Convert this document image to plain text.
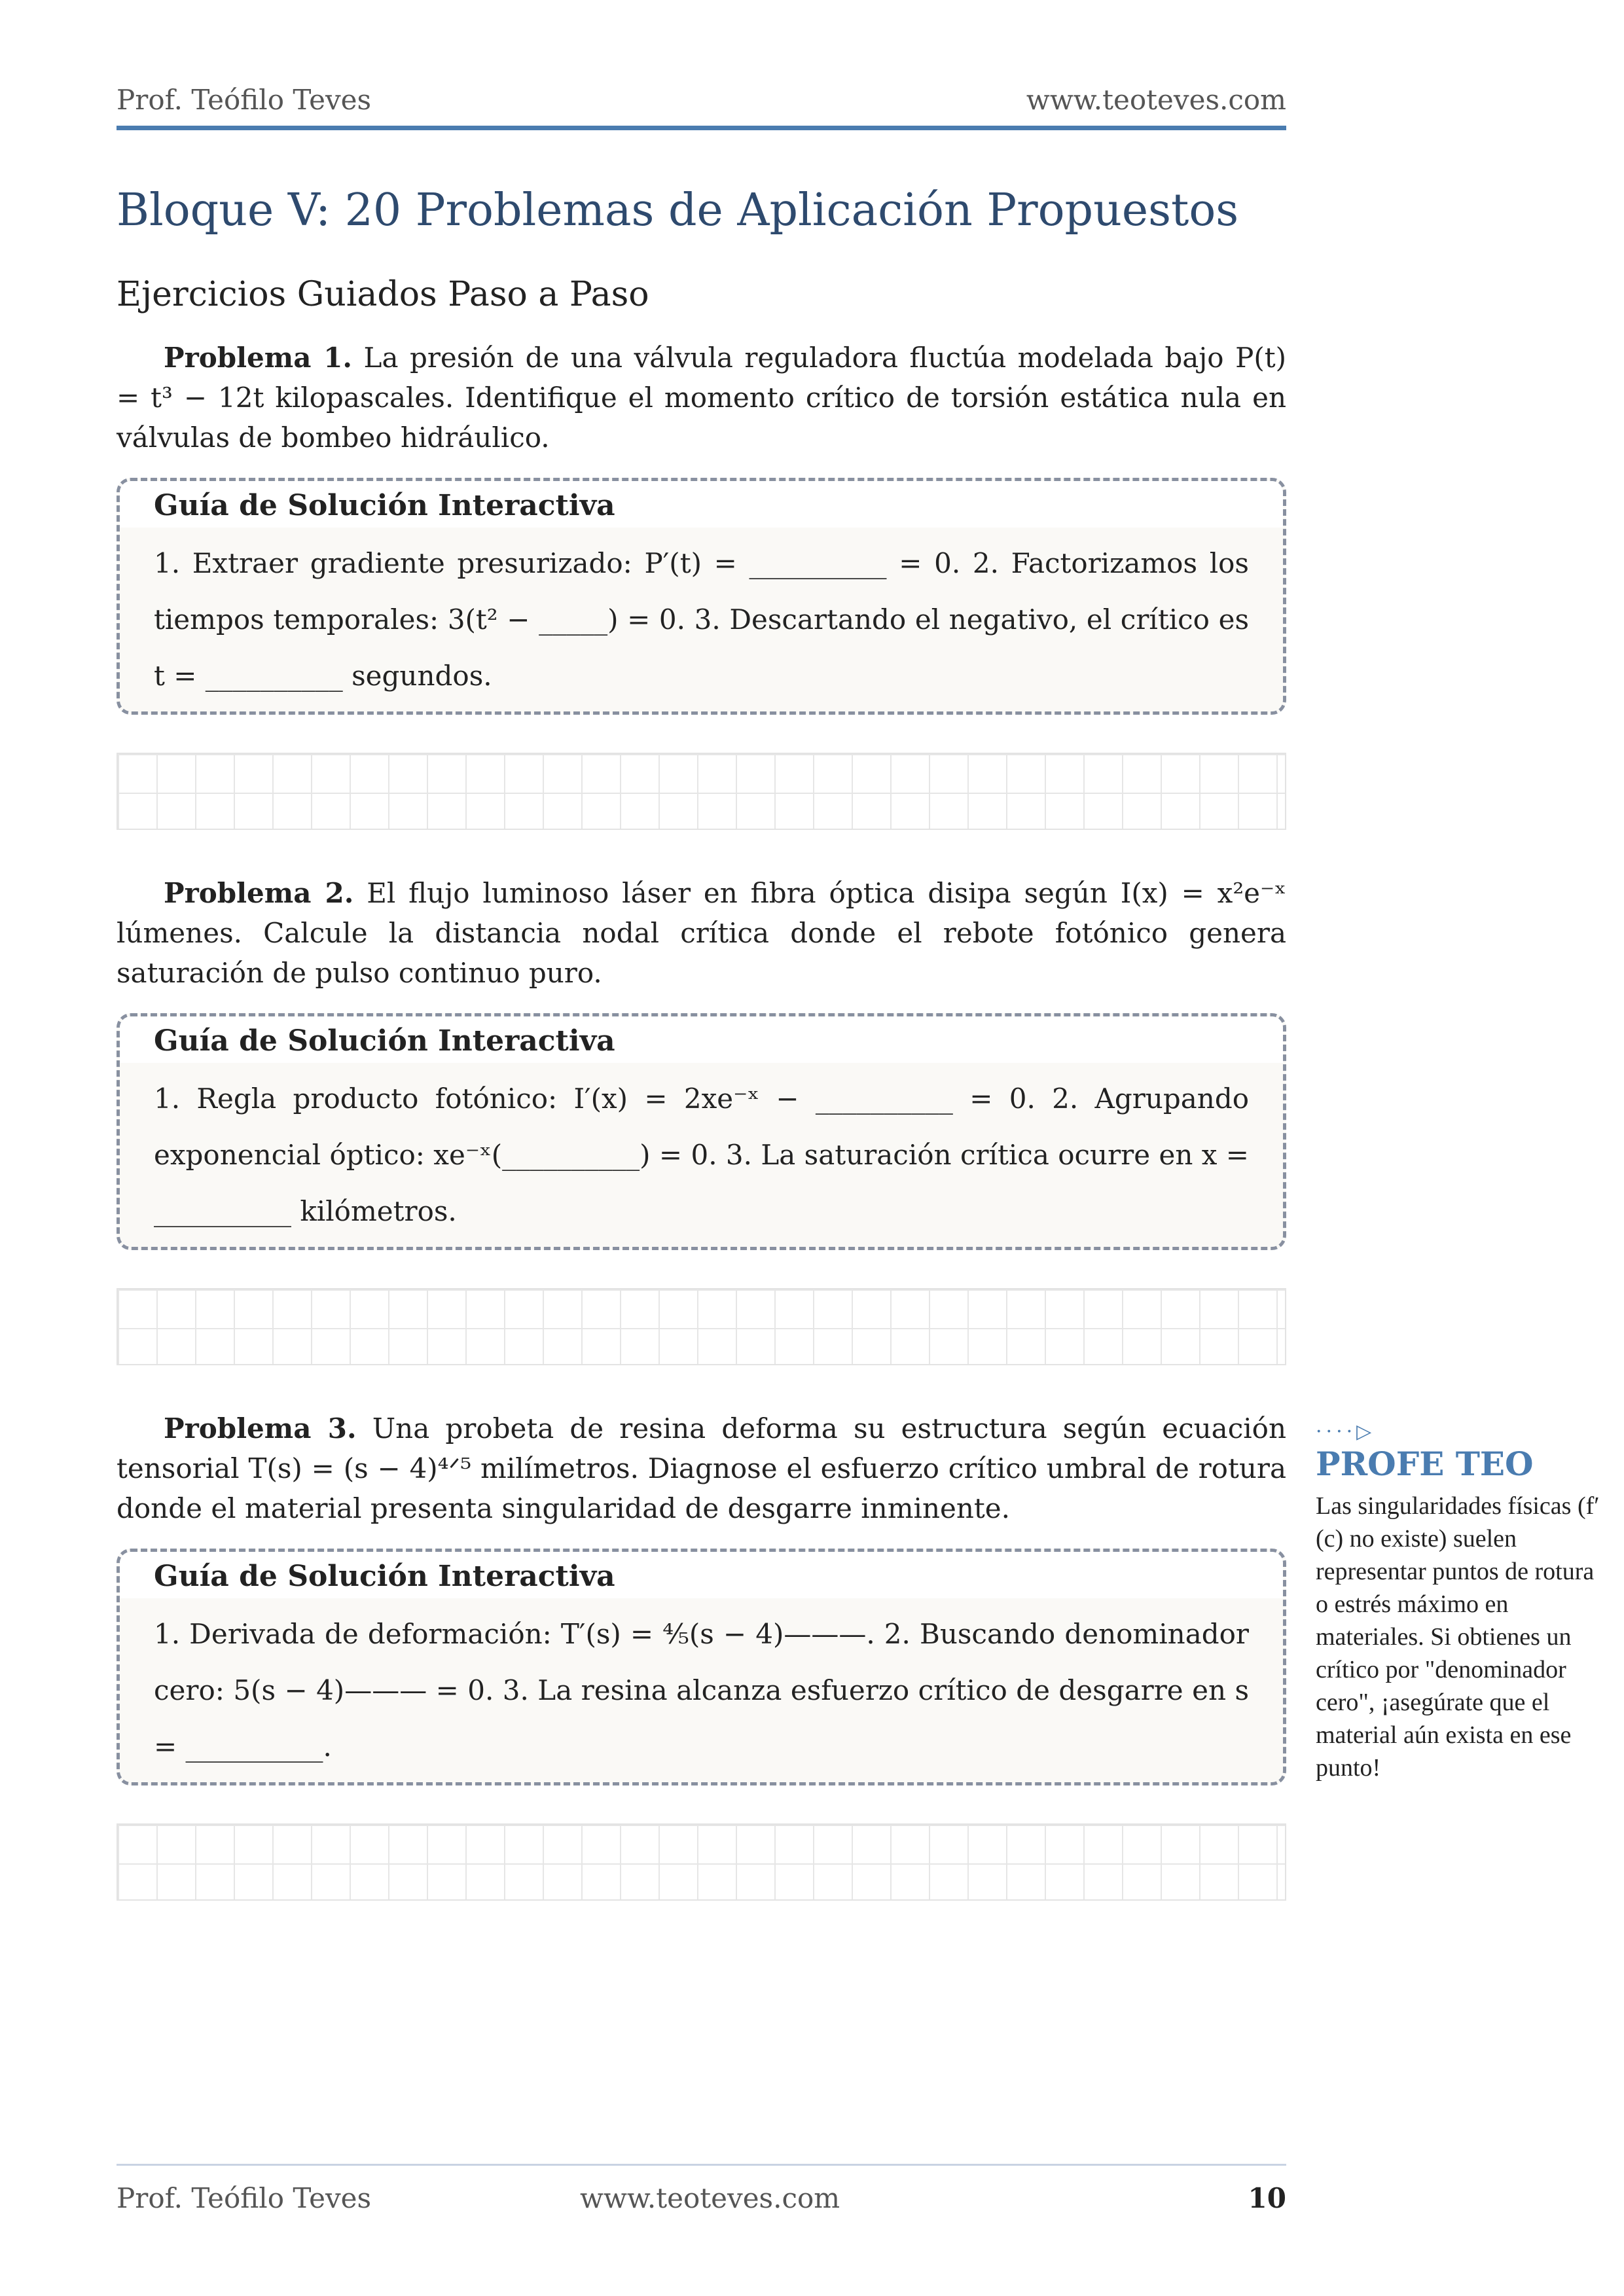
Prof. Teófilo Teves	www.teoteves.com
Bloque V: 20 Problemas de Aplicación Propuestos
Ejercicios Guiados Paso a Paso

Problema 1. La presión de una válvula reguladora fluctúa modelada bajo P(t) = t³ − 12t kilopascales. Identifique el momento crítico de torsión estática nula en válvulas de bombeo hidráulico.

Guía de Solución Interactiva
1. Extraer gradiente presurizado: P′(t) = __________ = 0. 2. Factorizamos los tiempos temporales: 3(t² − _____) = 0. 3. Descartando el negativo, el crítico es t = __________ segundos.

Problema 2. El flujo luminoso láser en fibra óptica disipa según I(x) = x²e⁻ˣ lúmenes. Calcule la distancia nodal crítica donde el rebote fotónico genera saturación de pulso continuo puro.

Guía de Solución Interactiva
1. Regla producto fotónico: I′(x) = 2xe⁻ˣ − __________ = 0. 2. Agrupando exponencial óptico: xe⁻ˣ(__________) = 0. 3. La saturación crítica ocurre en x = __________ kilómetros.

Problema 3. Una probeta de resina deforma su estructura según ecuación tensorial T(s) = (s − 4)⁴ᐟ⁵ milímetros. Diagnose el esfuerzo crítico umbral de rotura donde el material presenta singularidad de desgarre inminente.

Guía de Solución Interactiva
1. Derivada de deformación: T′(s) = ⁴⁄₅(s − 4)———. 2. Buscando denominador cero: 5(s − 4)——— = 0. 3. La resina alcanza esfuerzo crítico de desgarre en s = __________.
····▷
PROFE TEO
Las singularidades físicas (f′(c) no existe) suelen representar puntos de rotura o estrés máximo en materiales. Si obtienes un crítico por "denominador cero", ¡asegúrate que el material aún exista en ese punto!
Prof. Teófilo Teves	www.teoteves.com	10
